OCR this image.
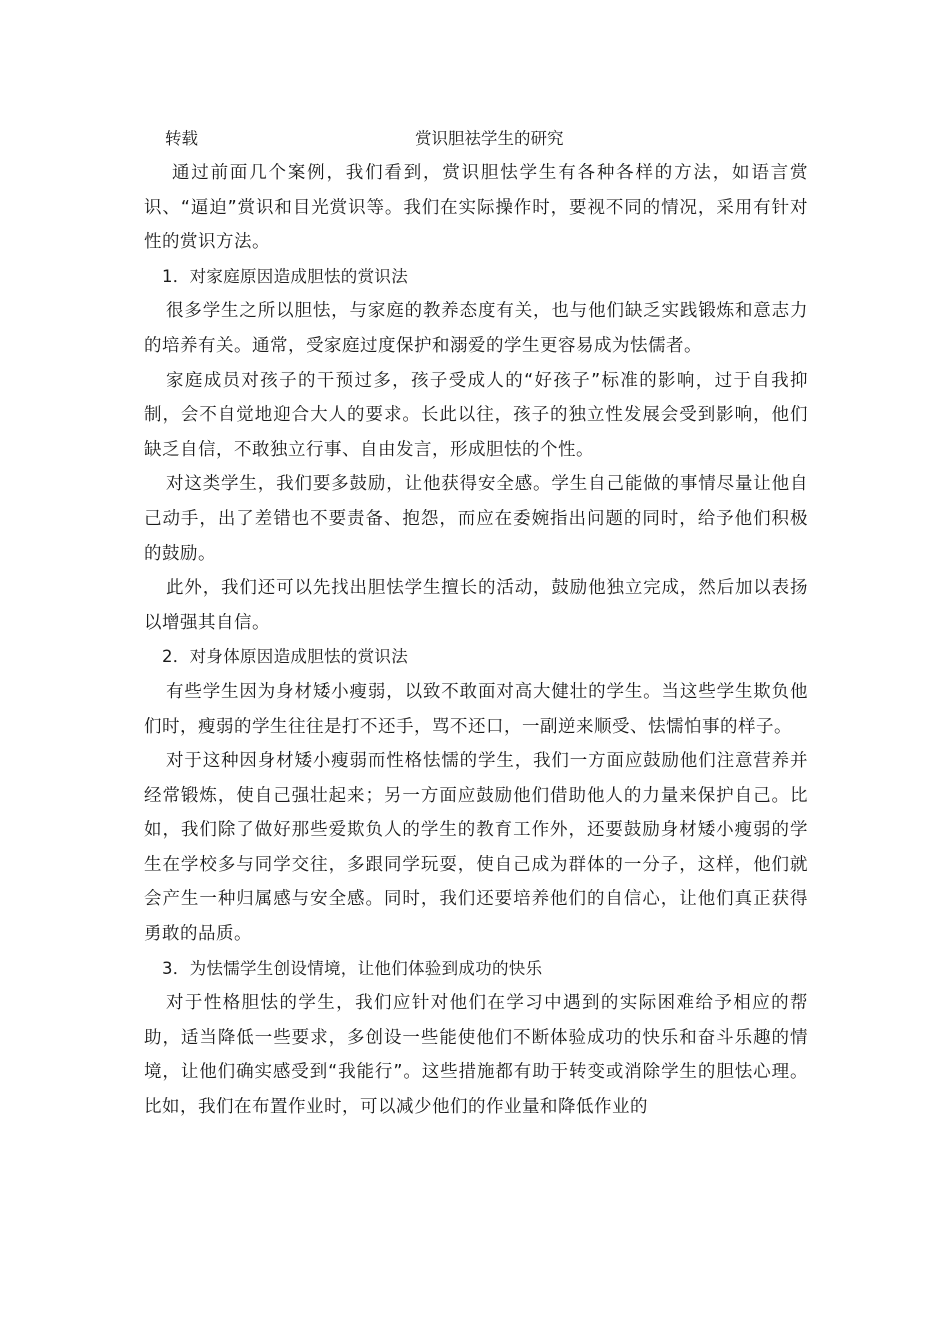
转载	赏识胆祛学生的研究

通过前面几个案例，我们看到，赏识胆怯学生有各种各样的方法，如语言赏识、“逼迫”赏识和目光赏识等。我们在实际操作时，要视不同的情况，采用有针对性的赏识方法。

1．对家庭原因造成胆怯的赏识法

很多学生之所以胆怯，与家庭的教养态度有关，也与他们缺乏实践锻炼和意志力的培养有关。通常，受家庭过度保护和溺爱的学生更容易成为怯儒者。

家庭成员对孩子的干预过多，孩子受成人的“好孩子”标准的影响，过于自我抑制，会不自觉地迎合大人的要求。长此以往，孩子的独立性发展会受到影响，他们缺乏自信，不敢独立行事、自由发言，形成胆怯的个性。

对这类学生，我们要多鼓励，让他获得安全感。学生自己能做的事情尽量让他自己动手，出了差错也不要责备、抱怨，而应在委婉指出问题的同时，给予他们积极的鼓励。

此外，我们还可以先找出胆怯学生擅长的活动，鼓励他独立完成，然后加以表扬以增强其自信。

2．对身体原因造成胆怯的赏识法

有些学生因为身材矮小瘦弱，以致不敢面对高大健壮的学生。当这些学生欺负他们时，瘦弱的学生往往是打不还手，骂不还口，一副逆来顺受、怯懦怕事的样子。

对于这种因身材矮小瘦弱而性格怯懦的学生，我们一方面应鼓励他们注意营养并经常锻炼，使自己强壮起来；另一方面应鼓励他们借助他人的力量来保护自己。比如，我们除了做好那些爱欺负人的学生的教育工作外，还要鼓励身材矮小瘦弱的学生在学校多与同学交往，多跟同学玩耍，使自己成为群体的一分子，这样，他们就会产生一种归属感与安全感。同时，我们还要培养他们的自信心，让他们真正获得勇敢的品质。

3．为怯懦学生创设情境，让他们体验到成功的快乐

对于性格胆怯的学生，我们应针对他们在学习中遇到的实际困难给予相应的帮助，适当降低一些要求，多创设一些能使他们不断体验成功的快乐和奋斗乐趣的情境，让他们确实感受到“我能行”。这些措施都有助于转变或消除学生的胆怯心理。比如，我们在布置作业时，可以减少他们的作业量和降低作业的
